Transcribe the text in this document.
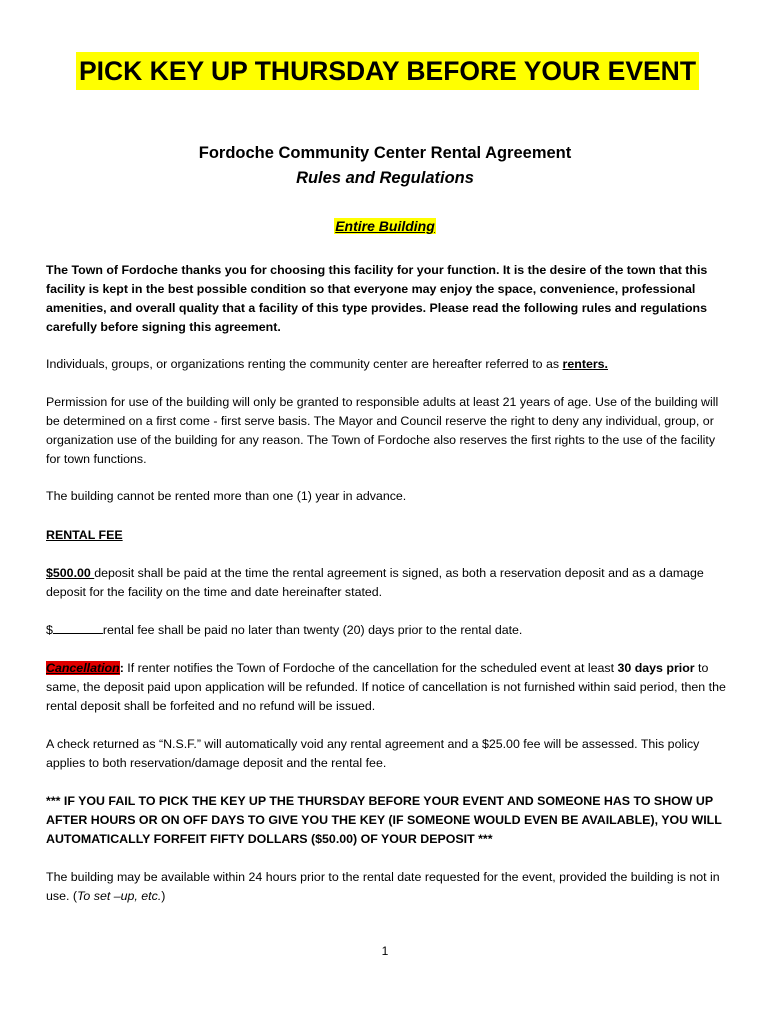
PICK KEY UP THURSDAY BEFORE YOUR EVENT
Fordoche Community Center Rental Agreement
Rules and Regulations
Entire Building

The Town of Fordoche thanks you for choosing this facility for your function. It is the desire of the town that this facility is kept in the best possible condition so that everyone may enjoy the space, convenience, professional amenities, and overall quality that a facility of this type provides. Please read the following rules and regulations carefully before signing this agreement.

Individuals, groups, or organizations renting the community center are hereafter referred to as renters.

Permission for use of the building will only be granted to responsible adults at least 21 years of age. Use of the building will be determined on a first come - first serve basis. The Mayor and Council reserve the right to deny any individual, group, or organization use of the building for any reason. The Town of Fordoche also reserves the first rights to the use of the facility for town functions.

The building cannot be rented more than one (1) year in advance.

RENTAL FEE

$500.00 deposit shall be paid at the time the rental agreement is signed, as both a reservation deposit and as a damage deposit for the facility on the time and date hereinafter stated.

$	rental fee shall be paid no later than twenty (20) days prior to the rental date.

Cancellation: If renter notifies the Town of Fordoche of the cancellation for the scheduled event at least 30 days prior to same, the deposit paid upon application will be refunded. If notice of cancellation is not furnished within said period, then the rental deposit shall be forfeited and no refund will be issued.

A check returned as “N.S.F.” will automatically void any rental agreement and a $25.00 fee will be assessed. This policy applies to both reservation/damage deposit and the rental fee.

*** IF YOU FAIL TO PICK THE KEY UP THE THURSDAY BEFORE YOUR EVENT AND SOMEONE HAS TO SHOW UP AFTER HOURS OR ON OFF DAYS TO GIVE YOU THE KEY (IF SOMEONE WOULD EVEN BE AVAILABLE), YOU WILL AUTOMATICALLY FORFEIT FIFTY DOLLARS ($50.00) OF YOUR DEPOSIT ***

The building may be available within 24 hours prior to the rental date requested for the event, provided the building is not in use. (To set –up, etc.)

1
